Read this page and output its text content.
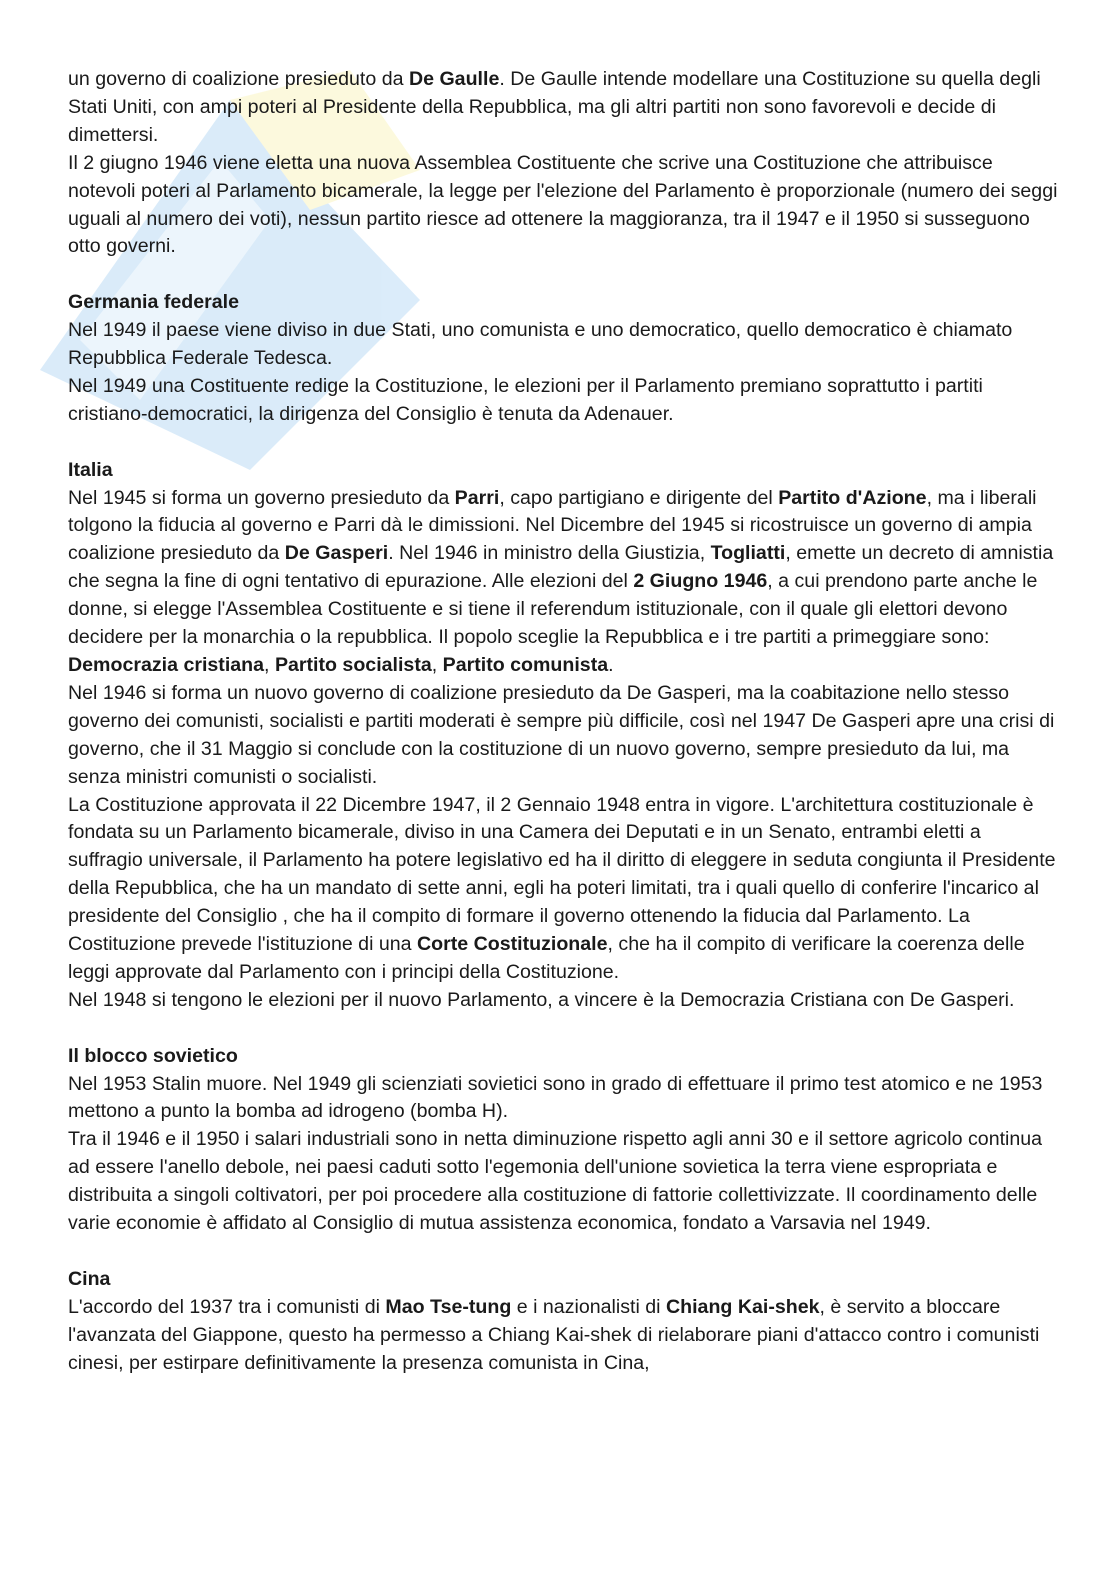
un governo di coalizione presieduto da De Gaulle. De Gaulle intende modellare una Costituzione su quella degli Stati Uniti, con ampi poteri al Presidente della Repubblica, ma gli altri partiti non sono favorevoli e decide di dimettersi.

Il 2 giugno 1946 viene eletta una nuova Assemblea Costituente che scrive una Costituzione che attribuisce notevoli poteri al Parlamento bicamerale, la legge per l'elezione del Parlamento è proporzionale (numero dei seggi uguali al numero dei voti), nessun partito riesce ad ottenere la maggioranza, tra il 1947 e il 1950 si susseguono otto governi.

Germania federale

Nel 1949 il paese viene diviso in due Stati, uno comunista e uno democratico, quello democratico è chiamato Repubblica Federale Tedesca.

Nel 1949 una Costituente redige la Costituzione, le elezioni per il Parlamento premiano soprattutto i partiti cristiano-democratici, la dirigenza del Consiglio è tenuta da Adenauer.

Italia

Nel 1945 si forma un governo presieduto da Parri, capo partigiano e dirigente del Partito d'Azione, ma i liberali tolgono la fiducia al governo e Parri dà le dimissioni. Nel Dicembre del 1945 si ricostruisce un governo di ampia coalizione presieduto da De Gasperi. Nel 1946 in ministro della Giustizia, Togliatti, emette un decreto di amnistia che segna la fine di ogni tentativo di epurazione. Alle elezioni del 2 Giugno 1946, a cui prendono parte anche le donne, si elegge l'Assemblea Costituente e si tiene il referendum istituzionale, con il quale gli elettori devono decidere per la monarchia o la repubblica. Il popolo sceglie la Repubblica e i tre partiti a primeggiare sono: Democrazia cristiana, Partito socialista, Partito comunista.

Nel 1946 si forma un nuovo governo di coalizione presieduto da De Gasperi, ma la coabitazione nello stesso governo dei comunisti, socialisti e partiti moderati è sempre più difficile, così nel 1947 De Gasperi apre una crisi di governo, che il 31 Maggio si conclude con la costituzione di un nuovo governo, sempre presieduto da lui, ma senza ministri comunisti o socialisti.

La Costituzione approvata il 22 Dicembre 1947, il 2 Gennaio 1948 entra in vigore. L'architettura costituzionale è fondata su un Parlamento bicamerale, diviso in una Camera dei Deputati e in un Senato, entrambi eletti a suffragio universale, il Parlamento ha potere legislativo ed ha il diritto di eleggere in seduta congiunta il Presidente della Repubblica, che ha un mandato di sette anni, egli ha poteri limitati, tra i quali quello di conferire l'incarico al presidente del Consiglio , che ha il compito di formare il governo ottenendo la fiducia dal Parlamento. La Costituzione prevede l'istituzione di una Corte Costituzionale, che ha il compito di verificare la coerenza delle leggi approvate dal Parlamento con i principi della Costituzione.

Nel 1948 si tengono le elezioni per il nuovo Parlamento, a vincere è la Democrazia Cristiana con De Gasperi.

Il blocco sovietico

Nel 1953 Stalin muore. Nel 1949 gli scienziati sovietici sono in grado di effettuare il primo test atomico e ne 1953 mettono a punto la bomba ad idrogeno (bomba H).

Tra il 1946 e il 1950 i salari industriali sono in netta diminuzione rispetto agli anni 30 e il settore agricolo continua ad essere l'anello debole, nei paesi caduti sotto l'egemonia dell'unione sovietica la terra viene espropriata e distribuita a singoli coltivatori, per poi procedere alla costituzione di fattorie collettivizzate. Il coordinamento delle varie economie è affidato al Consiglio di mutua assistenza economica, fondato a Varsavia nel 1949.

Cina

L'accordo del 1937 tra i comunisti di Mao Tse-tung e i nazionalisti di Chiang Kai-shek, è servito a bloccare l'avanzata del Giappone, questo ha permesso a Chiang Kai-shek di rielaborare piani d'attacco contro i comunisti cinesi, per estirpare definitivamente la presenza comunista in Cina,
